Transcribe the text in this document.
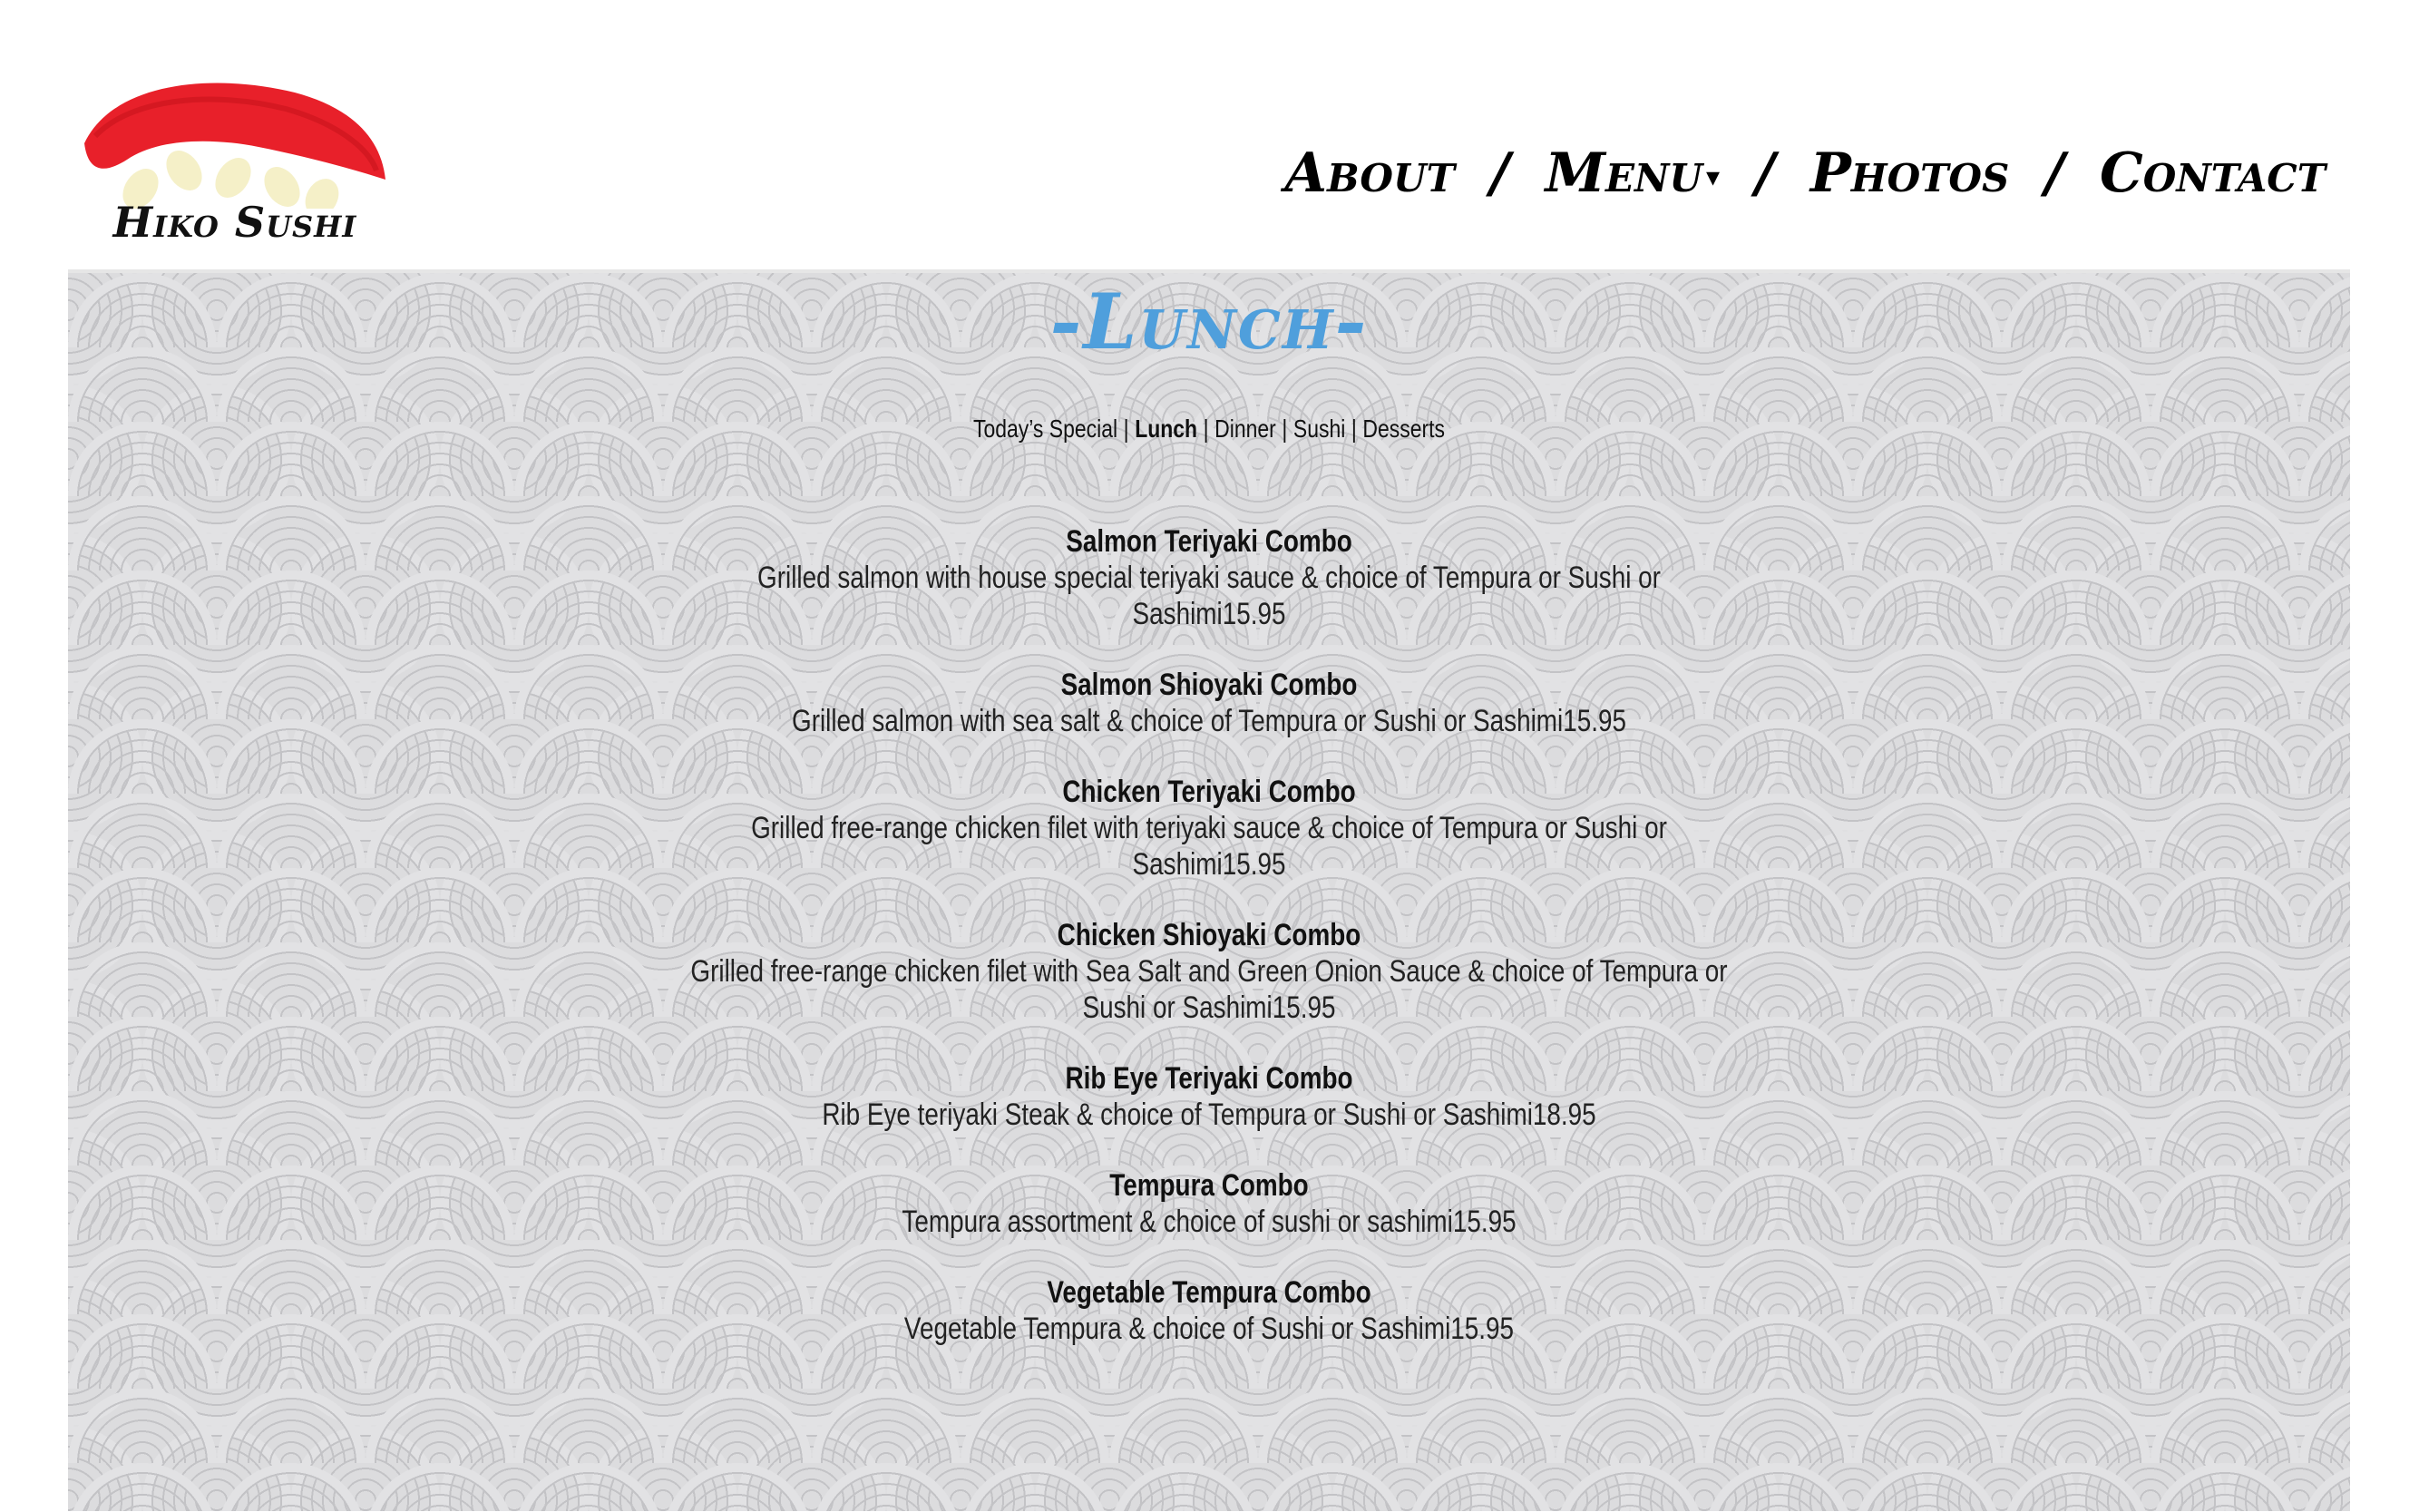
Hiko Sushi
About / Menu ▾ / Photos / Contact
-Lunch-
Today’s Special | Lunch | Dinner | Sushi | Desserts
Salmon Teriyaki Combo
Grilled salmon with house special teriyaki sauce & choice of Tempura or Sushi or Sashimi15.95
Salmon Shioyaki Combo
Grilled salmon with sea salt & choice of Tempura or Sushi or Sashimi15.95
Chicken Teriyaki Combo
Grilled free-range chicken filet with teriyaki sauce & choice of Tempura or Sushi or Sashimi15.95
Chicken Shioyaki Combo
Grilled free-range chicken filet with Sea Salt and Green Onion Sauce & choice of Tempura or Sushi or Sashimi15.95
Rib Eye Teriyaki Combo
Rib Eye teriyaki Steak & choice of Tempura or Sushi or Sashimi18.95
Tempura Combo
Tempura assortment & choice of sushi or sashimi15.95
Vegetable Tempura Combo
Vegetable Tempura & choice of Sushi or Sashimi15.95
